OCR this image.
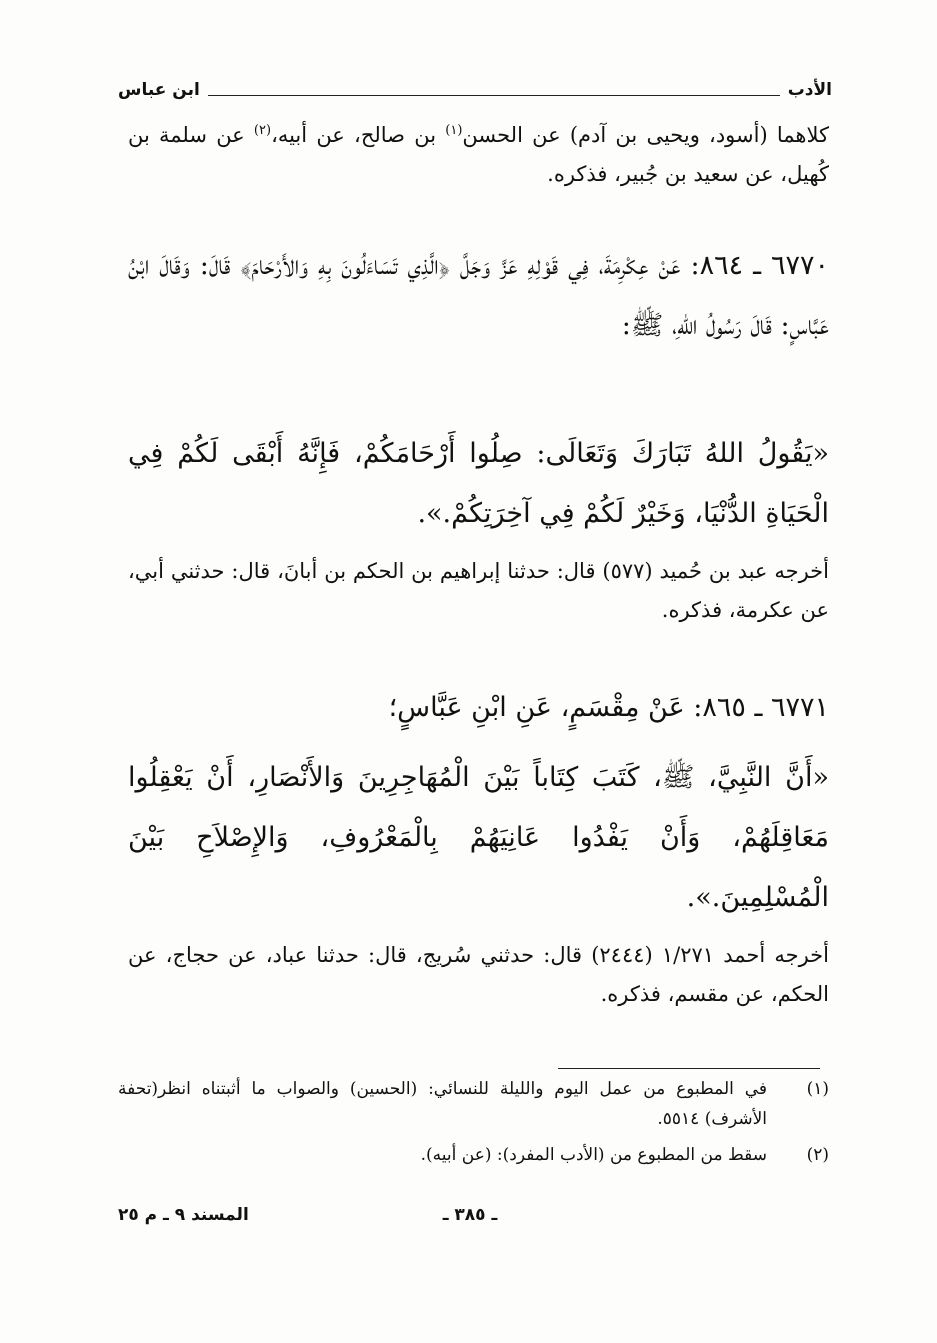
الأدب
ابن عباس
كلاهما (أسود، ويحيى بن آدم) عن الحسن$^{(١)}$ بن صالح، عن أبيه،$^{(٢)}$ عن سلمة بن كُهيل، عن سعيد بن جُبير، فذكره.
٦٧٧٠ ـ ٨٦٤: عَنْ عِكْرِمَةَ، فِي قَوْلِهِ عَزَّ وَجَلَّ ﴿الَّذِي تَسَاءَلُونَ بِهِ وَالأَرْحَامَ﴾ قَالَ: وَقَالَ ابْنُ عَبَّاسٍ: قَالَ رَسُولُ اللهِ، ﷺ:
«يَقُولُ اللهُ تَبَارَكَ وَتَعَالَى: صِلُوا أَرْحَامَكُمْ، فَإِنَّهُ أَبْقَى لَكُمْ فِي الْحَيَاةِ الدُّنْيَا، وَخَيْرٌ لَكُمْ فِي آخِرَتِكُمْ.».
أخرجه عبد بن حُميد (٥٧٧) قال: حدثنا إبراهيم بن الحكم بن أبانَ، قال: حدثني أبي، عن عكرمة، فذكره.
٦٧٧١ ـ ٨٦٥: عَنْ مِقْسَمٍ، عَنِ ابْنِ عَبَّاسٍ؛
«أَنَّ النَّبِيَّ، ﷺ، كَتَبَ كِتَاباً بَيْنَ الْمُهَاجِرِينَ وَالأَنْصَارِ، أَنْ يَعْقِلُوا مَعَاقِلَهُمْ، وَأَنْ يَفْدُوا عَانِيَهُمْ بِالْمَعْرُوفِ، وَالإِصْلاَحِ بَيْنَ الْمُسْلِمِينَ.».
أخرجه أحمد ١/٢٧١ (٢٤٤٤) قال: حدثني سُريج، قال: حدثنا عباد، عن حجاج، عن الحكم، عن مقسم، فذكره.
(١)
في المطبوع من عمل اليوم والليلة للنسائي: (الحسين) والصواب ما أثبتناه انظر(تحفة الأشرف) ٥٥١٤.
(٢)
سقط من المطبوع من (الأدب المفرد): (عن أبيه).
ـ ٣٨٥ ـ
المسند ٩ ـ م ٢٥
